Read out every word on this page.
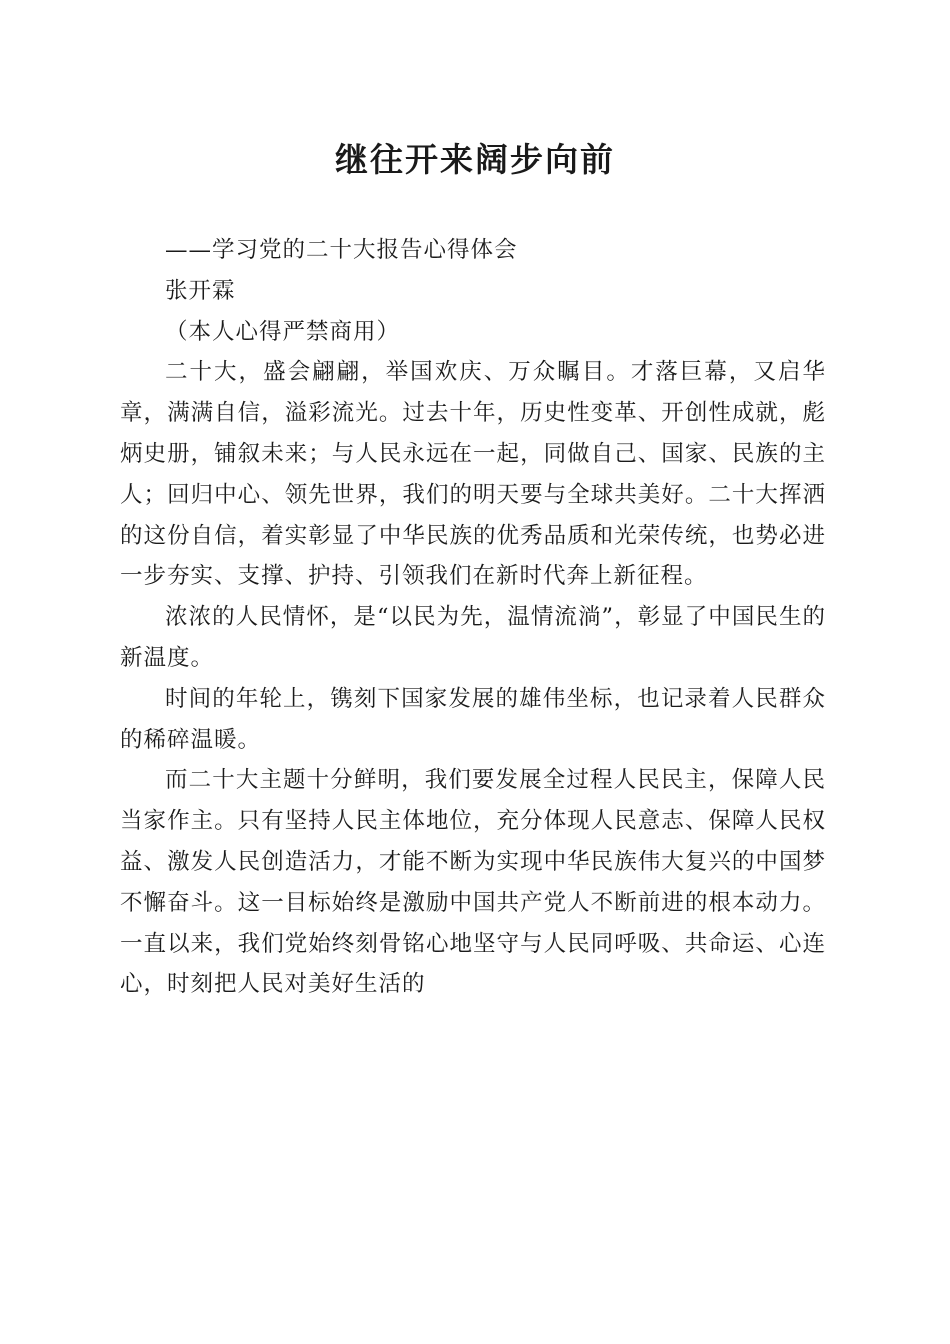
继往开来阔步向前

——学习党的二十大报告心得体会

张开霖

（本人心得严禁商用）

二十大，盛会翩翩，举国欢庆、万众瞩目。才落巨幕，又启华章，满满自信，溢彩流光。过去十年，历史性变革、开创性成就，彪炳史册，铺叙未来；与人民永远在一起，同做自己、国家、民族的主人；回归中心、领先世界，我们的明天要与全球共美好。二十大挥洒的这份自信，着实彰显了中华民族的优秀品质和光荣传统，也势必进一步夯实、支撑、护持、引领我们在新时代奔上新征程。

浓浓的人民情怀，是“以民为先，温情流淌”，彰显了中国民生的新温度。

时间的年轮上，镌刻下国家发展的雄伟坐标，也记录着人民群众的稀碎温暖。

而二十大主题十分鲜明，我们要发展全过程人民民主，保障人民当家作主。只有坚持人民主体地位，充分体现人民意志、保障人民权益、激发人民创造活力，才能不断为实现中华民族伟大复兴的中国梦不懈奋斗。这一目标始终是激励中国共产党人不断前进的根本动力。一直以来，我们党始终刻骨铭心地坚守与人民同呼吸、共命运、心连心，时刻把人民对美好生活的
